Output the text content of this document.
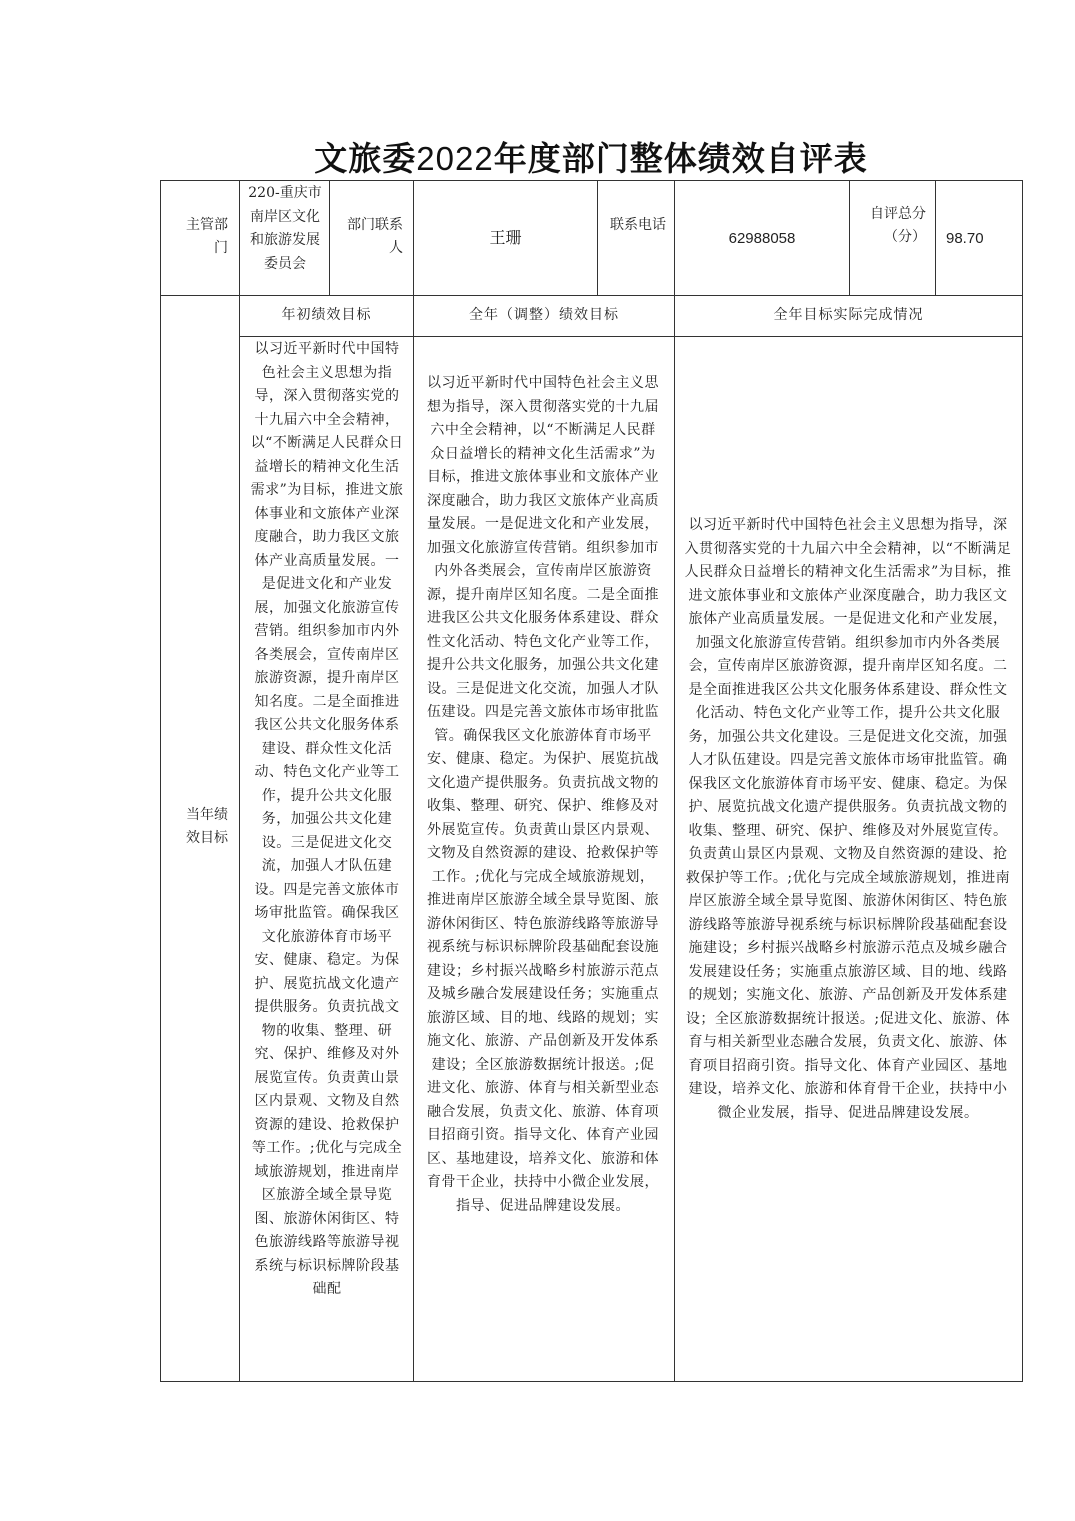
文旅委2022年度部门整体绩效自评表
主管部门
220-重庆市南岸区文化和旅游发展委员会
部门联系人
王珊
联系电话
62988058
自评总分（分） 98.70
当年绩效目标
年初绩效目标	全年（调整）绩效目标	全年目标实际完成情况
以习近平新时代中国特色社会主义思想为指导，深入贯彻落实党的十九届六中全会精神，以“不断满足人民群众日益增长的精神文化生活需求”为目标，推进文旅体事业和文旅体产业深度融合，助力我区文旅体产业高质量发展。一是促进文化和产业发展，加强文化旅游宣传营销。组织参加市内外各类展会，宣传南岸区旅游资源，提升南岸区知名度。二是全面推进我区公共文化服务体系建设、群众性文化活动、特色文化产业等工作，提升公共文化服务，加强公共文化建设。三是促进文化交流，加强人才队伍建设。四是完善文旅体市场审批监管。确保我区文化旅游体育市场平安、健康、稳定。为保护、展览抗战文化遗产提供服务。负责抗战文物的收集、整理、研究、保护、维修及对外展览宣传。负责黄山景区内景观、文物及自然资源的建设、抢救保护等工作。;优化与完成全域旅游规划，推进南岸区旅游全域全景导览图、旅游休闲街区、特色旅游线路等旅游导视系统与标识标牌阶段基础配
以习近平新时代中国特色社会主义思想为指导，深入贯彻落实党的十九届六中全会精神，以“不断满足人民群众日益增长的精神文化生活需求”为目标，推进文旅体事业和文旅体产业深度融合，助力我区文旅体产业高质量发展。一是促进文化和产业发展，加强文化旅游宣传营销。组织参加市内外各类展会，宣传南岸区旅游资源，提升南岸区知名度。二是全面推进我区公共文化服务体系建设、群众性文化活动、特色文化产业等工作，提升公共文化服务，加强公共文化建设。三是促进文化交流，加强人才队伍建设。四是完善文旅体市场审批监管。确保我区文化旅游体育市场平安、健康、稳定。为保护、展览抗战文化遗产提供服务。负责抗战文物的收集、整理、研究、保护、维修及对外展览宣传。负责黄山景区内景观、文物及自然资源的建设、抢救保护等工作。;优化与完成全域旅游规划，推进南岸区旅游全域全景导览图、旅游休闲街区、特色旅游线路等旅游导视系统与标识标牌阶段基础配套设施建设；乡村振兴战略乡村旅游示范点及城乡融合发展建设任务；实施重点旅游区域、目的地、线路的规划；实施文化、旅游、产品创新及开发体系建设；全区旅游数据统计报送。;促进文化、旅游、体育与相关新型业态融合发展，负责文化、旅游、体育项目招商引资。指导文化、体育产业园区、基地建设，培养文化、旅游和体育骨干企业，扶持中小微企业发展，指导、促进品牌建设发展。
以习近平新时代中国特色社会主义思想为指导，深入贯彻落实党的十九届六中全会精神，以“不断满足人民群众日益增长的精神文化生活需求”为目标，推进文旅体事业和文旅体产业深度融合，助力我区文旅体产业高质量发展。一是促进文化和产业发展，加强文化旅游宣传营销。组织参加市内外各类展会，宣传南岸区旅游资源，提升南岸区知名度。二是全面推进我区公共文化服务体系建设、群众性文化活动、特色文化产业等工作，提升公共文化服务，加强公共文化建设。三是促进文化交流，加强人才队伍建设。四是完善文旅体市场审批监管。确保我区文化旅游体育市场平安、健康、稳定。为保护、展览抗战文化遗产提供服务。负责抗战文物的收集、整理、研究、保护、维修及对外展览宣传。负责黄山景区内景观、文物及自然资源的建设、抢救保护等工作。;优化与完成全域旅游规划，推进南岸区旅游全域全景导览图、旅游休闲街区、特色旅游线路等旅游导视系统与标识标牌阶段基础配套设施建设；乡村振兴战略乡村旅游示范点及城乡融合发展建设任务；实施重点旅游区域、目的地、线路的规划；实施文化、旅游、产品创新及开发体系建设；全区旅游数据统计报送。;促进文化、旅游、体育与相关新型业态融合发展，负责文化、旅游、体育项目招商引资。指导文化、体育产业园区、基地建设，培养文化、旅游和体育骨干企业，扶持中小微企业发展，指导、促进品牌建设发展。
